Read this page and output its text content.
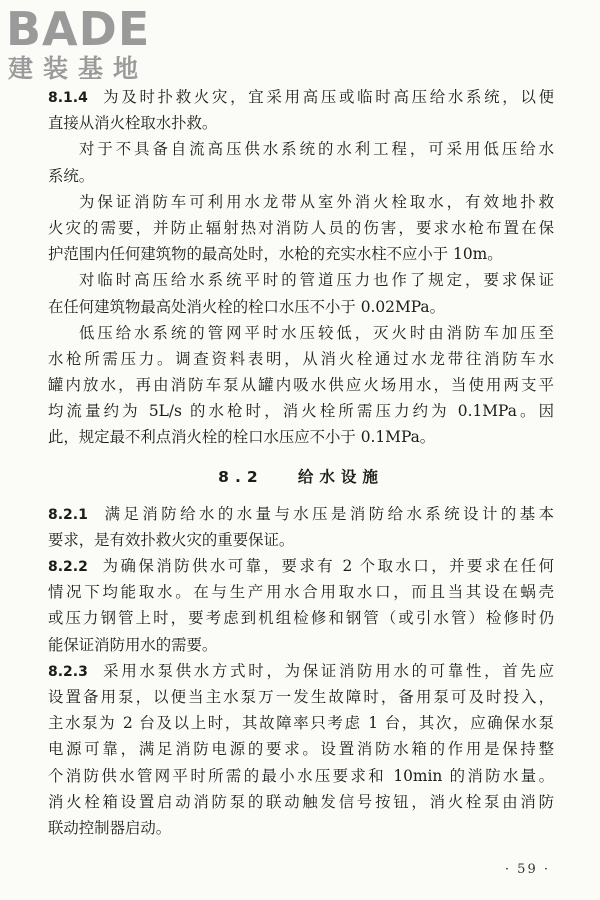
BADE
建装基地
8.1.4 为及时扑救火灾，宜采用高压或临时高压给水系统，以便
直接从消火栓取水扑救。
对于不具备自流高压供水系统的水利工程，可采用低压给水
系统。
为保证消防车可利用水龙带从室外消火栓取水，有效地扑救
火灾的需要，并防止辐射热对消防人员的伤害，要求水枪布置在保
护范围内任何建筑物的最高处时，水枪的充实水柱不应小于 10m。
对临时高压给水系统平时的管道压力也作了规定，要求保证
在任何建筑物最高处消火栓的栓口水压不小于 0.02MPa。
低压给水系统的管网平时水压较低，灭火时由消防车加压至
水枪所需压力。调查资料表明，从消火栓通过水龙带往消防车水
罐内放水，再由消防车泵从罐内吸水供应火场用水，当使用两支平
均流量约为 5L/s 的水枪时，消火栓所需压力约为 0.1MPa。因
此，规定最不利点消火栓的栓口水压应不小于 0.1MPa。
8.2 给水设施
8.2.1 满足消防给水的水量与水压是消防给水系统设计的基本
要求，是有效扑救火灾的重要保证。
8.2.2 为确保消防供水可靠，要求有 2 个取水口，并要求在任何
情况下均能取水。在与生产用水合用取水口，而且当其设在蜗壳
或压力钢管上时，要考虑到机组检修和钢管（或引水管）检修时仍
能保证消防用水的需要。
8.2.3 采用水泵供水方式时，为保证消防用水的可靠性，首先应
设置备用泵，以便当主水泵万一发生故障时，备用泵可及时投入，
主水泵为 2 台及以上时，其故障率只考虑 1 台，其次，应确保水泵
电源可靠，满足消防电源的要求。设置消防水箱的作用是保持整
个消防供水管网平时所需的最小水压要求和 10min 的消防水量。
消火栓箱设置启动消防泵的联动触发信号按钮，消火栓泵由消防
联动控制器启动。
· 59 ·
